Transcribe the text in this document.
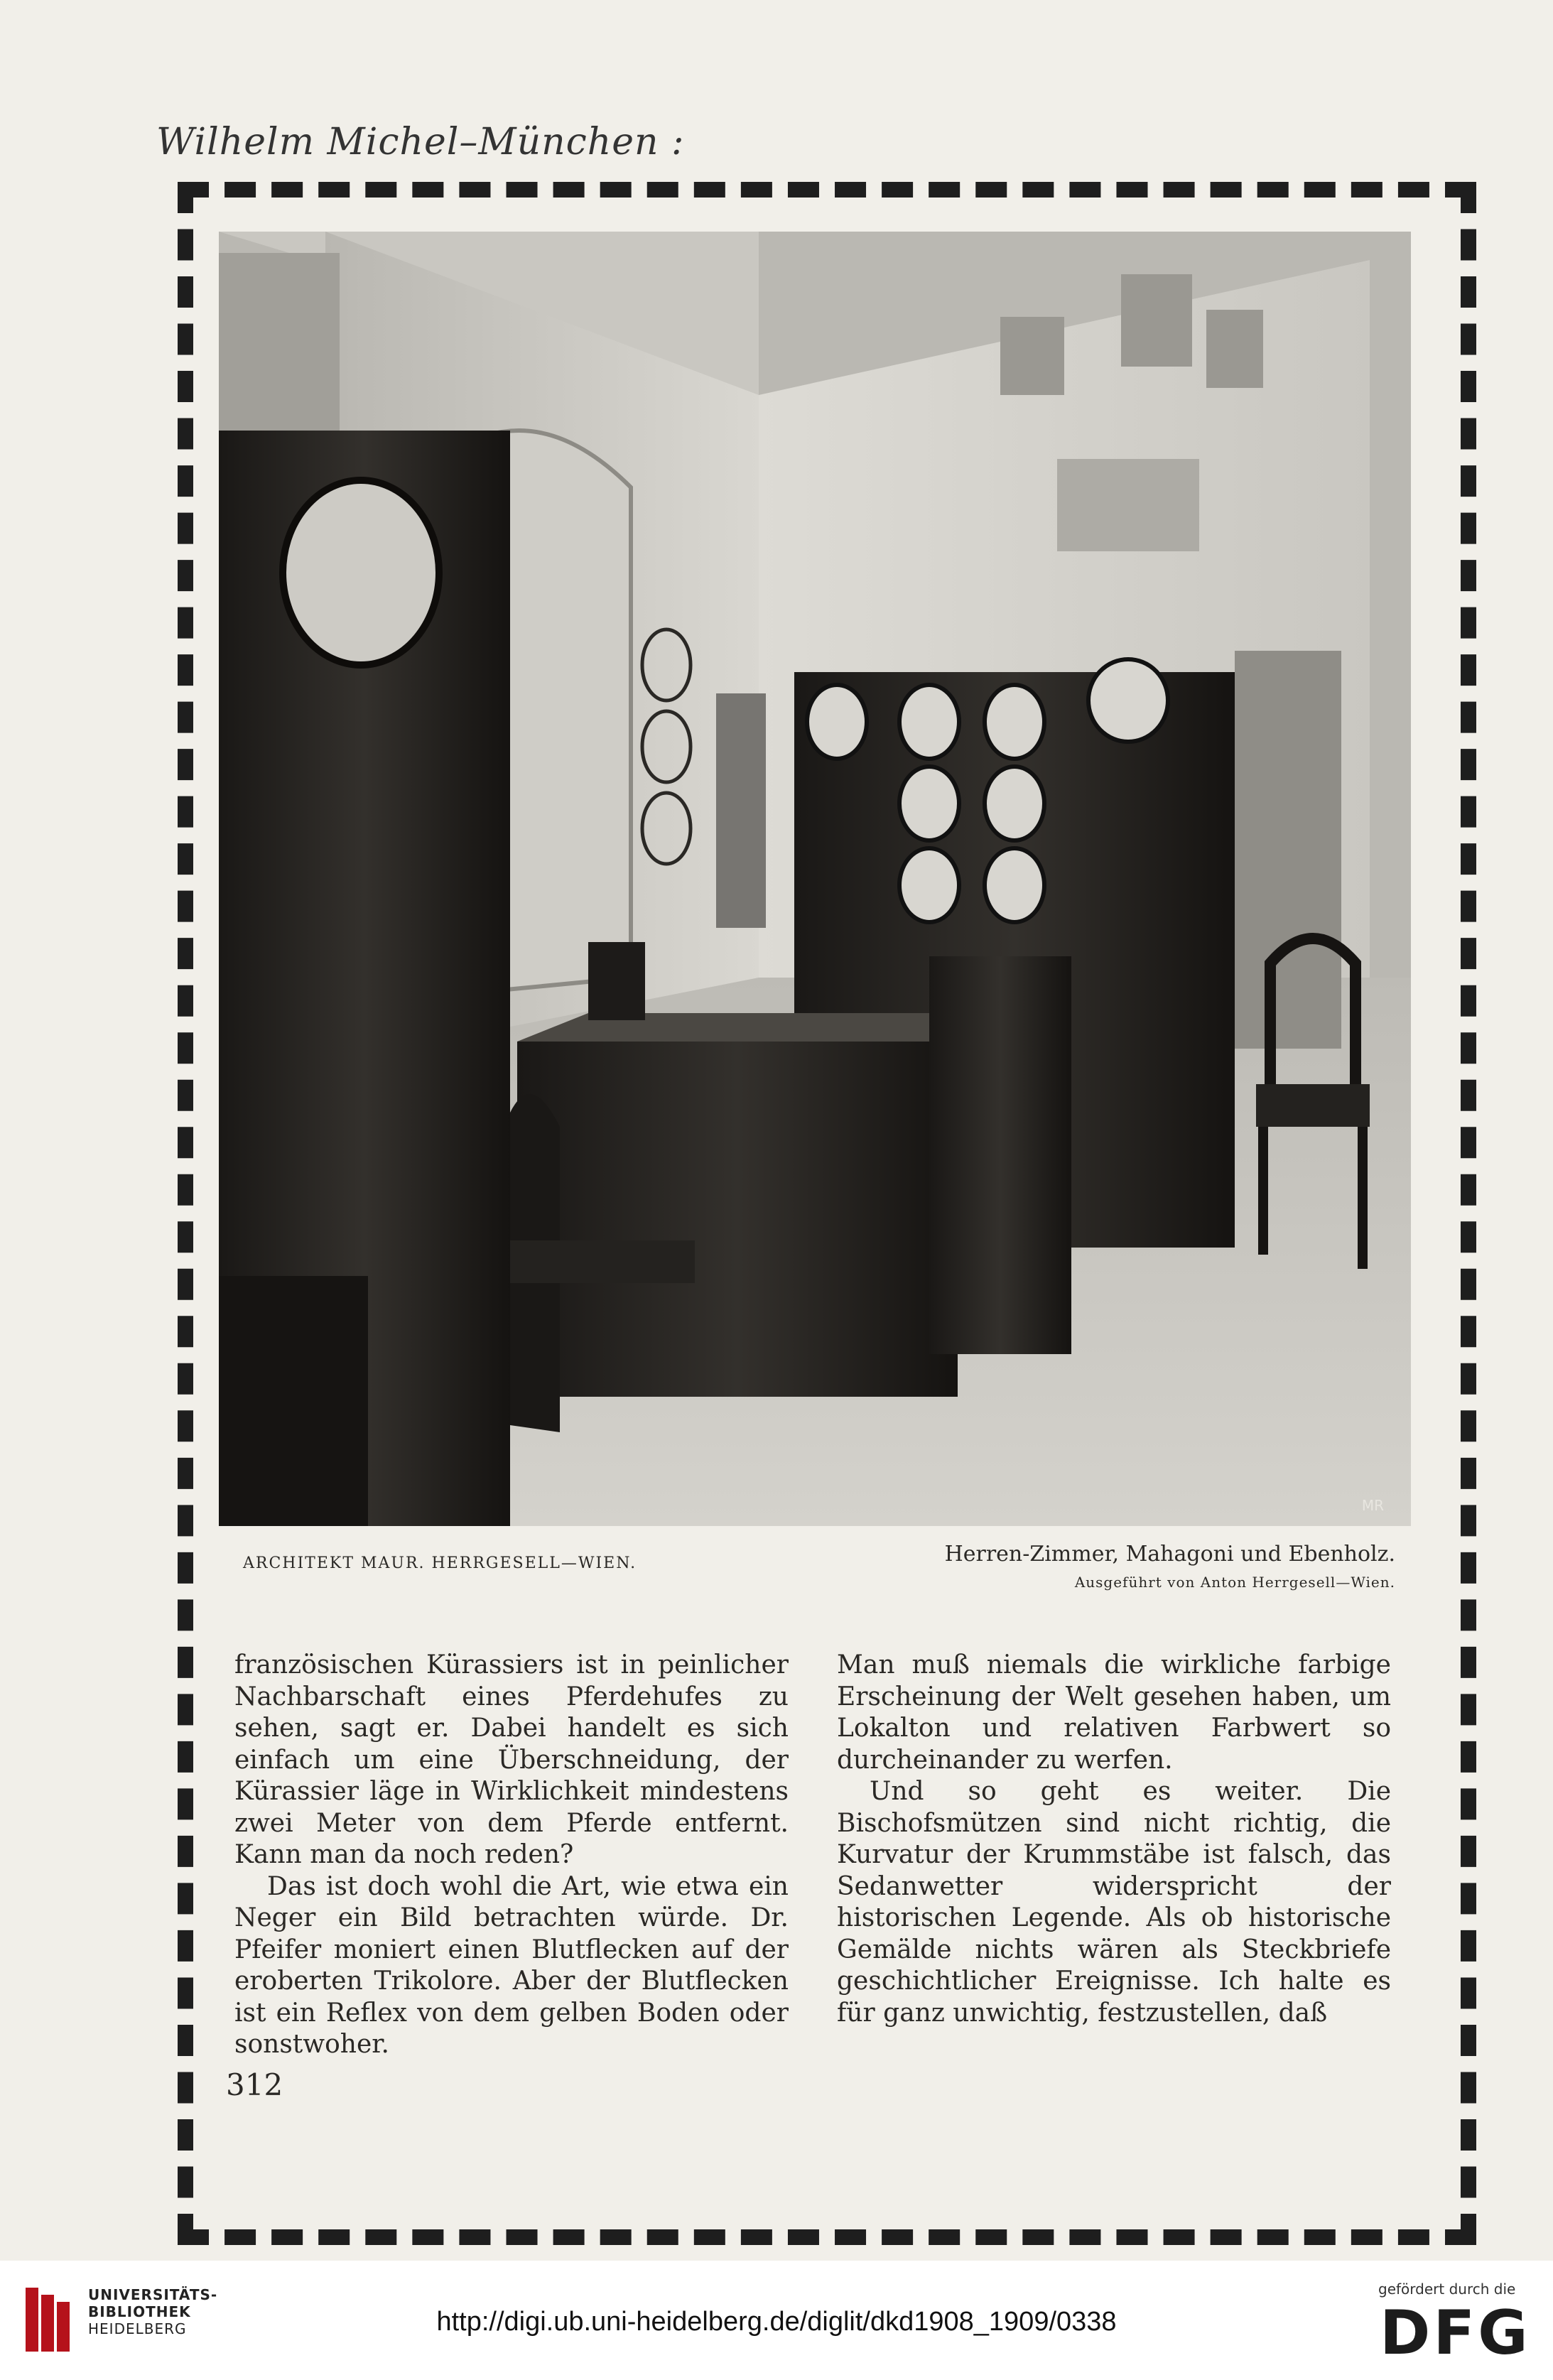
Wilhelm Michel–München :
MR
ARCHITEKT MAUR. HERRGESELL—WIEN.	Herren-Zimmer, Mahagoni und Ebenholz.
Ausgeführt von Anton Herrgesell—Wien.

französischen Kürassiers ist in peinlicher Nachbarschaft eines Pferdehufes zu sehen, sagt er. Dabei handelt es sich einfach um eine Überschneidung, der Kürassier läge in Wirklichkeit mindestens zwei Meter von dem Pferde entfernt. Kann man da noch reden?

Das ist doch wohl die Art, wie etwa ein Neger ein Bild betrachten würde. Dr. Pfeifer moniert einen Blutflecken auf der eroberten Trikolore. Aber der Blutflecken ist ein Reflex von dem gelben Boden oder sonstwoher.

Man muß niemals die wirkliche farbige Erscheinung der Welt gesehen haben, um Lokalton und relativen Farbwert so durcheinander zu werfen.

Und so geht es weiter. Die Bischofsmützen sind nicht richtig, die Kurvatur der Krummstäbe ist falsch, das Sedanwetter widerspricht der historischen Legende. Als ob historische Gemälde nichts wären als Steckbriefe geschichtlicher Ereignisse. Ich halte es für ganz unwichtig, festzustellen, daß

312
UNIVERSITÄTS-
BIBLIOTHEK
HEIDELBERG	http://digi.ub.uni-heidelberg.de/diglit/dkd1908_1909/0338
gefördert durch die
DFG
